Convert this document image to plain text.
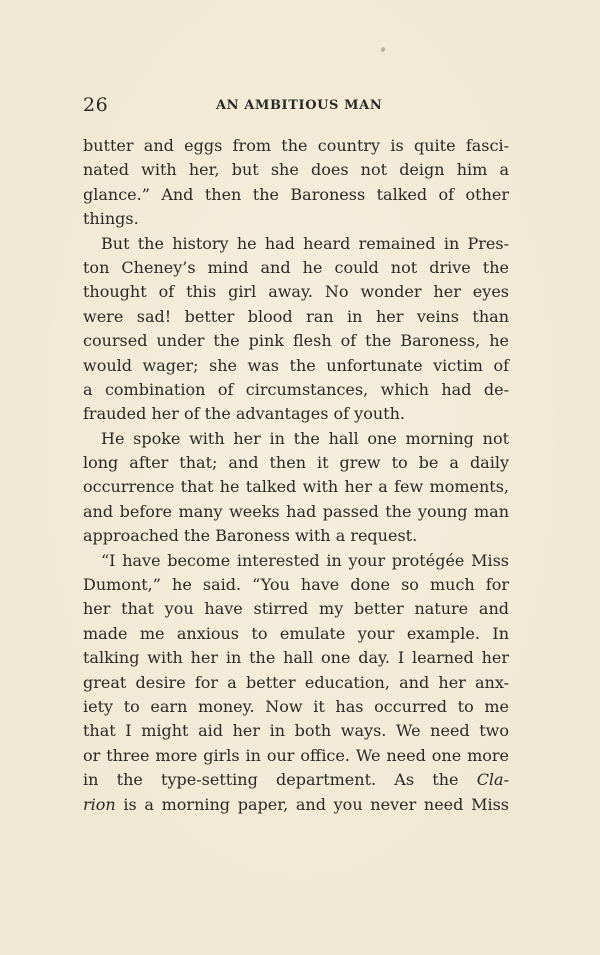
26	AN AMBITIOUS MAN
butter and eggs from the country is quite fasci-
nated with her, but she does not deign him a
glance.” And then the Baroness talked of other
things.
But the history he had heard remained in Pres-
ton Cheney’s mind and he could not drive the
thought of this girl away. No wonder her eyes
were sad! better blood ran in her veins than
coursed under the pink flesh of the Baroness, he
would wager; she was the unfortunate victim of
a combination of circumstances, which had de-
frauded her of the advantages of youth.
He spoke with her in the hall one morning not
long after that; and then it grew to be a daily
occurrence that he talked with her a few moments,
and before many weeks had passed the young man
approached the Baroness with a request.
“I have become interested in your protégée Miss
Dumont,” he said. “You have done so much for
her that you have stirred my better nature and
made me anxious to emulate your example. In
talking with her in the hall one day. I learned her
great desire for a better education, and her anx-
iety to earn money. Now it has occurred to me
that I might aid her in both ways. We need two
or three more girls in our office. We need one more
in the type-setting department. As the Cla-
rion is a morning paper, and you never need Miss
